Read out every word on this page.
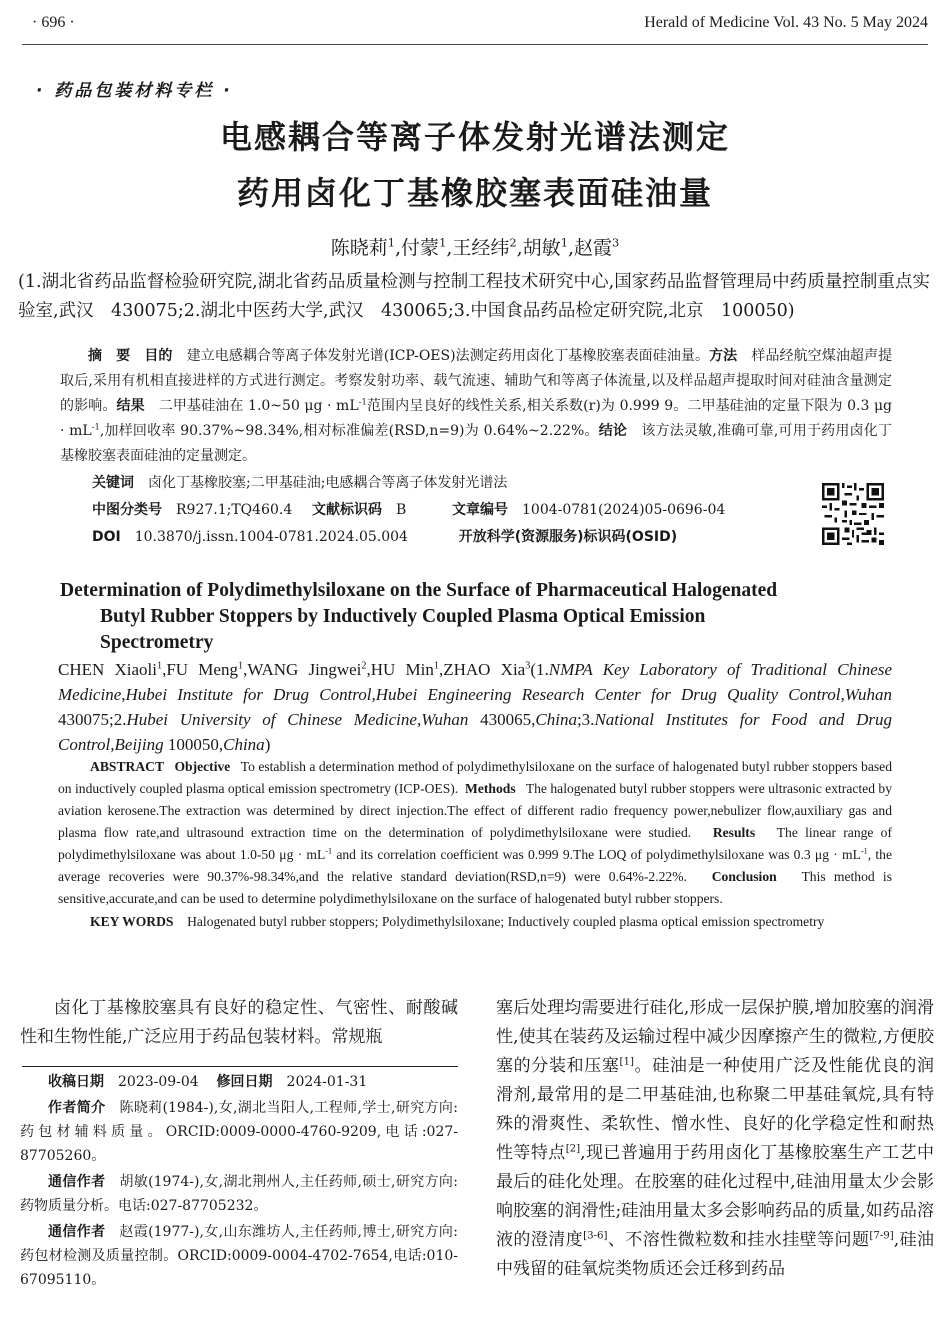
· 696 ·	Herald of Medicine Vol. 43 No. 5 May 2024
· 药品包装材料专栏 ·
电感耦合等离子体发射光谱法测定
药用卤化丁基橡胶塞表面硅油量
陈晓莉$^1$,付蒙$^1$,王经纬$^2$,胡敏$^1$,赵霞$^3$
(1.湖北省药品监督检验研究院,湖北省药品质量检测与控制工程技术研究中心,国家药品监督管理局中药质量控制重点实验室,武汉　430075;2.湖北中医药大学,武汉　430065;3.中国食品药品检定研究院,北京　100050)

摘　要　 目的　 建立电感耦合等离子体发射光谱(ICP-OES)法测定药用卤化丁基橡胶塞表面硅油量。方法　 样品经航空煤油超声提取后,采用有机相直接进样的方式进行测定。考察发射功率、载气流速、辅助气和等离子体流量,以及样品超声提取时间对硅油含量测定的影响。结果　 二甲基硅油在 1.0~50 $\mu g \cdot mL^{-1}$范围内呈良好的线性关系,相关系数(r)为 0.999 9。二甲基硅油的定量下限为 0.3 $\mu g \cdot mL^{-1}$,加样回收率 90.37%~98.34%,相对标准偏差(RSD,n=9)为 0.64%~2.22%。结论　 该方法灵敏,准确可靠,可用于药用卤化丁基橡胶塞表面硅油的定量测定。

关键词 卤化丁基橡胶塞;二甲基硅油;电感耦合等离子体发射光谱法
中图分类号 R927.1;TQ460.4 文献标识码 B	文章编号 1004-0781(2024)05-0696-04
DOI 10.3870/j.issn.1004-0781.2024.05.004	开放科学(资源服务)标识码(OSID)
Determination of Polydimethylsiloxane on the Surface of Pharmaceutical Halogenated
Butyl Rubber Stoppers by Inductively Coupled Plasma Optical Emission
Spectrometry
CHEN Xiaoli$^1$,FU Meng$^1$,WANG Jingwei$^2$,HU Min$^1$,ZHAO Xia$^3$(1.NMPA Key Laboratory of Traditional Chinese Medicine,Hubei Institute for Drug Control,Hubei Engineering Research Center for Drug Quality Control,Wuhan 430075;2.Hubei University of Chinese Medicine,Wuhan 430065,China;3.National Institutes for Food and Drug Control,Beijing 100050,China)
ABSTRACT Objective To establish a determination method of polydimethylsiloxane on the surface of halogenated butyl rubber stoppers based on inductively coupled plasma optical emission spectrometry (ICP-OES). Methods The halogenated butyl rubber stoppers were ultrasonic extracted by aviation kerosene.The extraction was determined by direct injection.The effect of different radio frequency power,nebulizer flow,auxiliary gas and plasma flow rate,and ultrasound extraction time on the determination of polydimethylsiloxane were studied. Results The linear range of polydimethylsiloxane was about 1.0-50 $\mu g \cdot mL^{-1}$ and its correlation coefficient was 0.999 9.The LOQ of polydimethylsiloxane was 0.3 $\mu g \cdot mL^{-1}$, the average recoveries were 90.37%-98.34%,and the relative standard deviation(RSD,n=9) were 0.64%-2.22%. Conclusion This method is sensitive,accurate,and can be used to determine polydimethylsiloxane on the surface of halogenated butyl rubber stoppers.
KEY WORDS Halogenated butyl rubber stoppers; Polydimethylsiloxane; Inductively coupled plasma optical emission spectrometry
卤化丁基橡胶塞具有良好的稳定性、气密性、耐酸碱性和生物性能,广泛应用于药品包装材料。常规瓶

收稿日期 2023-09-04 修回日期 2024-01-31

作者简介 陈晓莉(1984-),女,湖北当阳人,工程师,学士,研究方向:药包材辅料质量。ORCID:0009-0000-4760-9209,电话:027-87705260。

通信作者 胡敏(1974-),女,湖北荆州人,主任药师,硕士,研究方向:药物质量分析。电话:027-87705232。

通信作者 赵霞(1977-),女,山东潍坊人,主任药师,博士,研究方向:药包材检测及质量控制。ORCID:0009-0004-4702-7654,电话:010-67095110。

塞后处理均需要进行硅化,形成一层保护膜,增加胶塞的润滑性,使其在装药及运输过程中减少因摩擦产生的微粒,方便胶塞的分装和压塞[1]。硅油是一种使用广泛及性能优良的润滑剂,最常用的是二甲基硅油,也称聚二甲基硅氧烷,具有特殊的滑爽性、柔软性、憎水性、良好的化学稳定性和耐热性等特点[2],现已普遍用于药用卤化丁基橡胶塞生产工艺中最后的硅化处理。在胶塞的硅化过程中,硅油用量太少会影响胶塞的润滑性;硅油用量太多会影响药品的质量,如药品溶液的澄清度[3-6]、不溶性微粒数和挂水挂壁等问题[7-9],硅油中残留的硅氧烷类物质还会迁移到药品
